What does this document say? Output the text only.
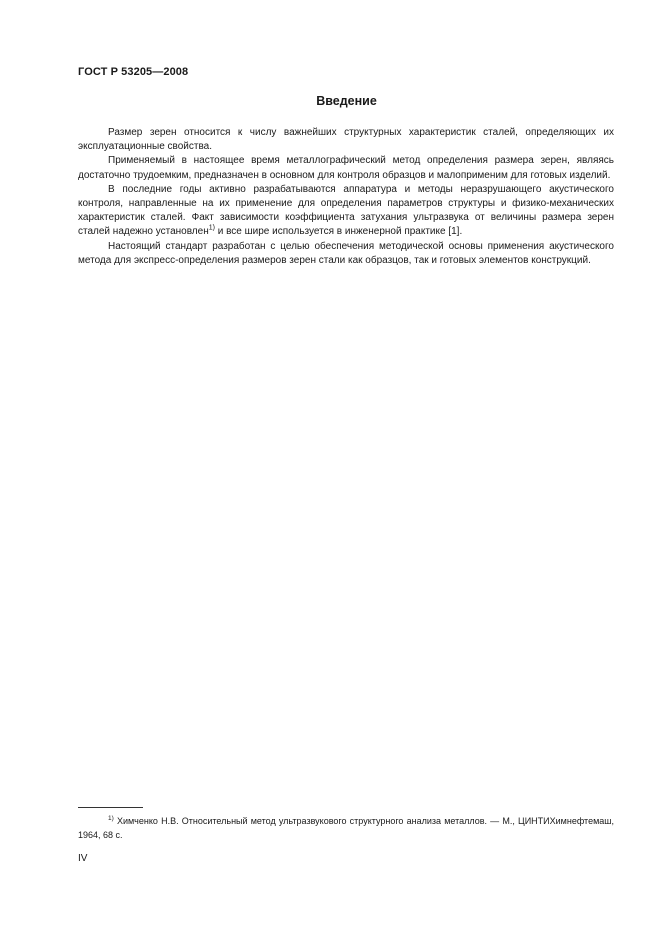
ГОСТ Р 53205—2008
Введение

Размер зерен относится к числу важнейших структурных характеристик сталей, определяющих их эксплуатационные свойства.

Применяемый в настоящее время металлографический метод определения размера зерен, являясь достаточно трудоемким, предназначен в основном для контроля образцов и малоприменим для готовых изделий.

В последние годы активно разрабатываются аппаратура и методы неразрушающего акустического контроля, направленные на их применение для определения параметров структуры и физико-механических характеристик сталей. Факт зависимости коэффициента затухания ультразвука от величины размера зерен сталей надежно установлен$^{1)}$ и все шире используется в инженерной практике [1].

Настоящий стандарт разработан с целью обеспечения методической основы применения акустического метода для экспресс-определения размеров зерен стали как образцов, так и готовых элементов конструкций.

$^{1)}$ Химченко Н.В. Относительный метод ультразвукового структурного анализа металлов. — М., ЦИНТИХимнефтемаш, 1964, 68 с.
IV
